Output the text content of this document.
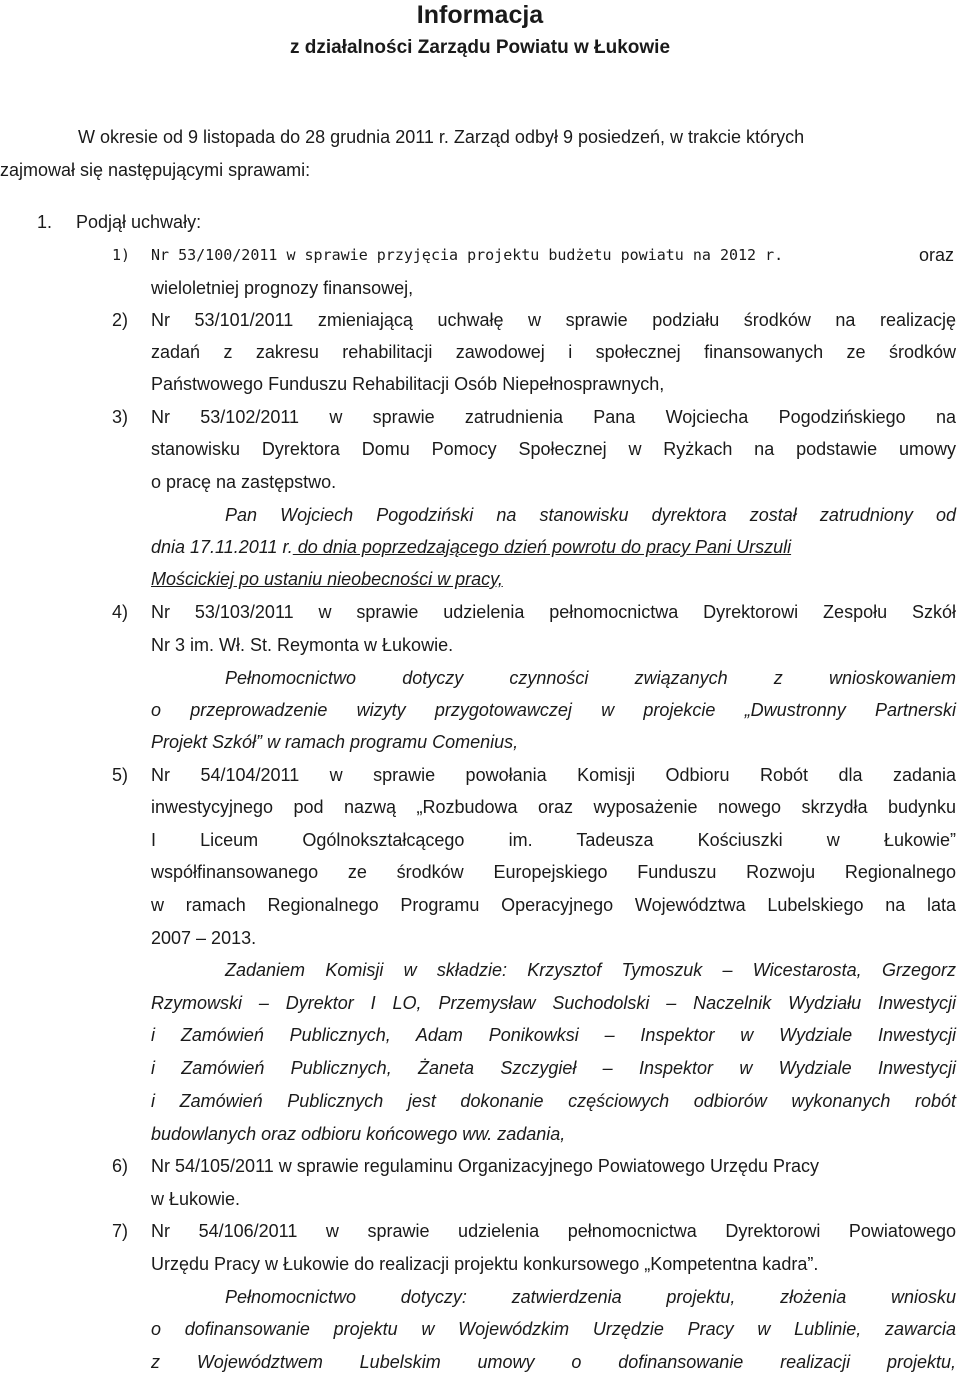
Informacja
z działalności Zarządu Powiatu w Łukowie
W okresie od 9 listopada do 28 grudnia 2011 r. Zarząd odbył 9 posiedzeń, w trakcie których
zajmował się następującymi sprawami:
1. Podjął uchwały:
1) Nr 53/100/2011 w sprawie przyjęcia projektu budżetu powiatu na 2012 r.	oraz
wieloletniej prognozy finansowej,
2) Nr 53/101/2011 zmieniającą uchwałę w sprawie podziału środków na realizację
zadań z zakresu rehabilitacji zawodowej i społecznej finansowanych ze środków
Państwowego Funduszu Rehabilitacji Osób Niepełnosprawnych,
3) Nr 53/102/2011 w sprawie zatrudnienia Pana Wojciecha Pogodzińskiego na
stanowisku Dyrektora Domu Pomocy Społecznej w Ryżkach na podstawie umowy
o pracę na zastępstwo.
Pan Wojciech Pogodziński na stanowisku dyrektora został zatrudniony od
dnia 17.11.2011 r. do dnia poprzedzającego dzień powrotu do pracy Pani Urszuli
Mościckiej po ustaniu nieobecności w pracy,
4) Nr 53/103/2011 w sprawie udzielenia pełnomocnictwa Dyrektorowi Zespołu Szkół
Nr 3 im. Wł. St. Reymonta w Łukowie.
Pełnomocnictwo dotyczy czynności związanych z wnioskowaniem
o przeprowadzenie wizyty przygotowawczej w projekcie „Dwustronny Partnerski
Projekt Szkół” w ramach programu Comenius,
5) Nr 54/104/2011 w sprawie powołania Komisji Odbioru Robót dla zadania
inwestycyjnego pod nazwą „Rozbudowa oraz wyposażenie nowego skrzydła budynku
I Liceum Ogólnokształcącego im. Tadeusza Kościuszki w Łukowie”
współfinansowanego ze środków Europejskiego Funduszu Rozwoju Regionalnego
w ramach Regionalnego Programu Operacyjnego Województwa Lubelskiego na lata
2007 – 2013.
Zadaniem Komisji w składzie: Krzysztof Tymoszuk – Wicestarosta, Grzegorz
Rzymowski – Dyrektor I LO, Przemysław Suchodolski – Naczelnik Wydziału Inwestycji
i Zamówień Publicznych, Adam Ponikowksi – Inspektor w Wydziale Inwestycji
i Zamówień Publicznych, Żaneta Szczygieł – Inspektor w Wydziale Inwestycji
i Zamówień Publicznych jest dokonanie częściowych odbiorów wykonanych robót
budowlanych oraz odbioru końcowego ww. zadania,
6) Nr 54/105/2011 w sprawie regulaminu Organizacyjnego Powiatowego Urzędu Pracy
w Łukowie.
7) Nr 54/106/2011 w sprawie udzielenia pełnomocnictwa Dyrektorowi Powiatowego
Urzędu Pracy w Łukowie do realizacji projektu konkursowego „Kompetentna kadra”.
Pełnomocnictwo dotyczy: zatwierdzenia projektu, złożenia wniosku
o dofinansowanie projektu w Wojewódzkim Urzędzie Pracy w Lublinie, zawarcia
z Województwem Lubelskim umowy o dofinansowanie realizacji projektu,
